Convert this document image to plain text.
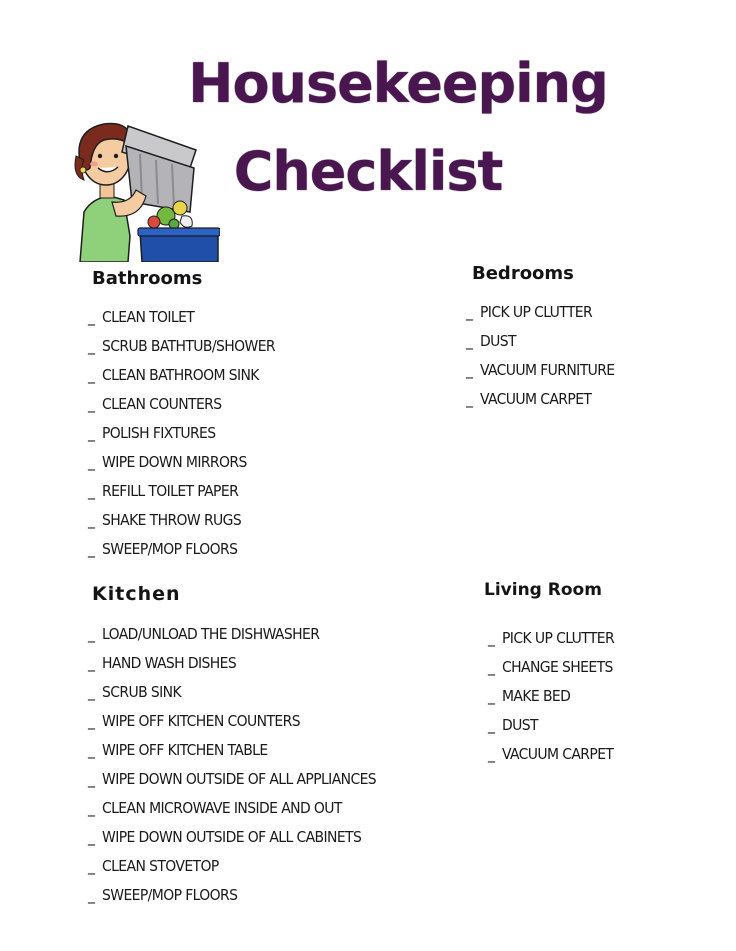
Housekeeping
Checklist
Bathrooms
_ CLEAN TOILET
_ SCRUB BATHTUB/SHOWER
_ CLEAN BATHROOM SINK
_ CLEAN COUNTERS
_ POLISH FIXTURES
_ WIPE DOWN MIRRORS
_ REFILL TOILET PAPER
_ SHAKE THROW RUGS
_ SWEEP/MOP FLOORS
Bedrooms
_ PICK UP CLUTTER
_ DUST
_ VACUUM FURNITURE
_ VACUUM CARPET
Kitchen
_ LOAD/UNLOAD THE DISHWASHER
_ HAND WASH DISHES
_ SCRUB SINK
_ WIPE OFF KITCHEN COUNTERS
_ WIPE OFF KITCHEN TABLE
_ WIPE DOWN OUTSIDE OF ALL APPLIANCES
_ CLEAN MICROWAVE INSIDE AND OUT
_ WIPE DOWN OUTSIDE OF ALL CABINETS
_ CLEAN STOVETOP
_ SWEEP/MOP FLOORS
Living Room
_ PICK UP CLUTTER
_ CHANGE SHEETS
_ MAKE BED
_ DUST
_ VACUUM CARPET
